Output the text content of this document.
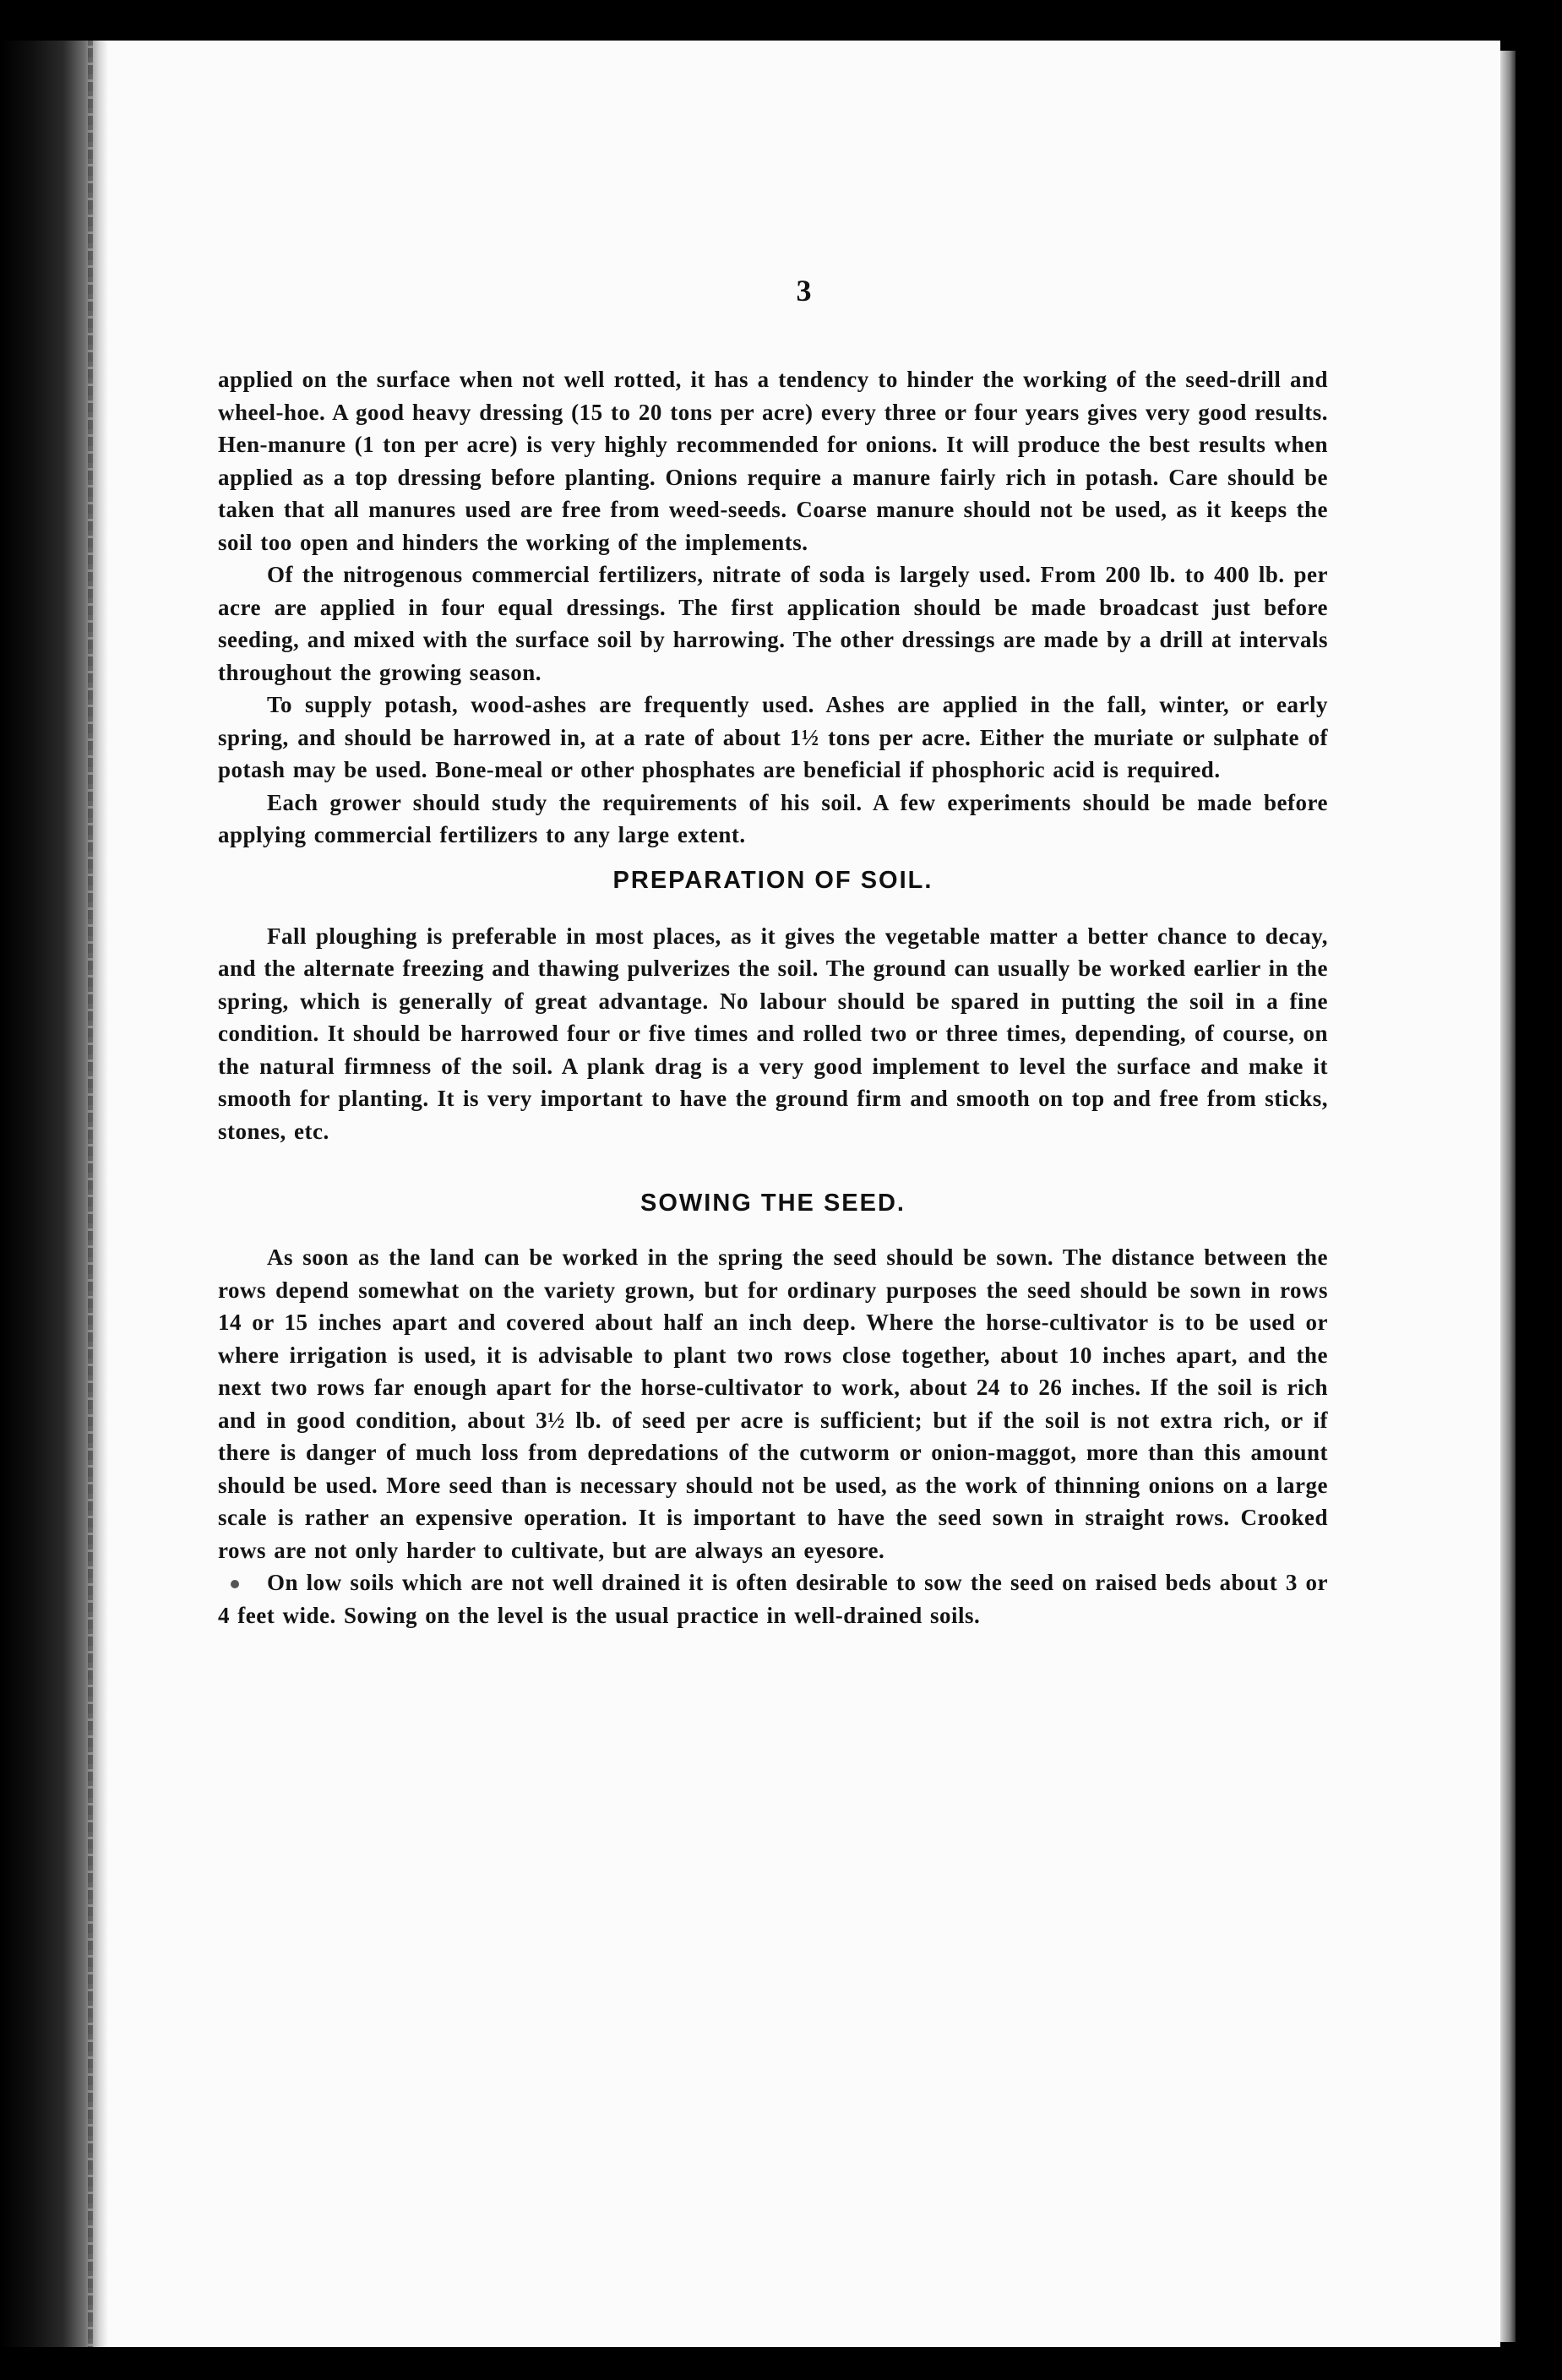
3

applied on the surface when not well rotted, it has a tendency to hinder the working of the seed-drill and wheel-hoe. A good heavy dressing (15 to 20 tons per acre) every three or four years gives very good results. Hen-manure (1 ton per acre) is very highly recommended for onions. It will produce the best results when applied as a top dressing before planting. Onions require a manure fairly rich in potash. Care should be taken that all manures used are free from weed-seeds. Coarse manure should not be used, as it keeps the soil too open and hinders the working of the implements.

Of the nitrogenous commercial fertilizers, nitrate of soda is largely used. From 200 lb. to 400 lb. per acre are applied in four equal dressings. The first application should be made broadcast just before seeding, and mixed with the surface soil by harrowing. The other dressings are made by a drill at intervals throughout the growing season.

To supply potash, wood-ashes are frequently used. Ashes are applied in the fall, winter, or early spring, and should be harrowed in, at a rate of about 1½ tons per acre. Either the muriate or sulphate of potash may be used. Bone-meal or other phosphates are beneficial if phosphoric acid is required.

Each grower should study the requirements of his soil. A few experiments should be made before applying commercial fertilizers to any large extent.

PREPARATION OF SOIL.

Fall ploughing is preferable in most places, as it gives the vegetable matter a better chance to decay, and the alternate freezing and thawing pulverizes the soil. The ground can usually be worked earlier in the spring, which is generally of great advantage. No labour should be spared in putting the soil in a fine condition. It should be harrowed four or five times and rolled two or three times, depending, of course, on the natural firmness of the soil. A plank drag is a very good implement to level the surface and make it smooth for planting. It is very important to have the ground firm and smooth on top and free from sticks, stones, etc.

SOWING THE SEED.

As soon as the land can be worked in the spring the seed should be sown. The distance between the rows depend somewhat on the variety grown, but for ordinary purposes the seed should be sown in rows 14 or 15 inches apart and covered about half an inch deep. Where the horse-cultivator is to be used or where irrigation is used, it is advisable to plant two rows close together, about 10 inches apart, and the next two rows far enough apart for the horse-cultivator to work, about 24 to 26 inches. If the soil is rich and in good condition, about 3½ lb. of seed per acre is sufficient; but if the soil is not extra rich, or if there is danger of much loss from depredations of the cutworm or onion-maggot, more than this amount should be used. More seed than is necessary should not be used, as the work of thinning onions on a large scale is rather an expensive operation. It is important to have the seed sown in straight rows. Crooked rows are not only harder to cultivate, but are always an eyesore.

On low soils which are not well drained it is often desirable to sow the seed on raised beds about 3 or 4 feet wide. Sowing on the level is the usual practice in well-drained soils.
